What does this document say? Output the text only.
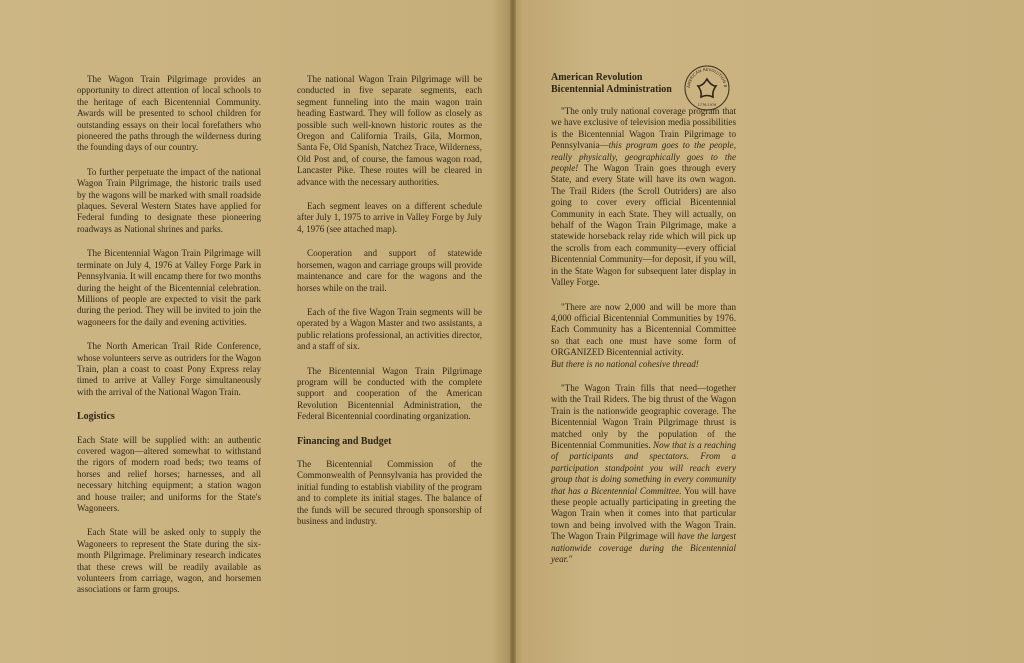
The Wagon Train Pilgrimage provides an opportunity to direct attention of local schools to the heritage of each Bicentennial Community. Awards will be presented to school children for outstanding essays on their local forefathers who pioneered the paths through the wilderness during the founding days of our country.

To further perpetuate the impact of the national Wagon Train Pilgrimage, the historic trails used by the wagons will be marked with small roadside plaques. Several Western States have applied for Federal funding to designate these pioneering roadways as National shrines and parks.

The Bicentennial Wagon Train Pilgrimage will terminate on July 4, 1976 at Valley Forge Park in Pennsylvania. It will encamp there for two months during the height of the Bicentennial celebration. Millions of people are expected to visit the park during the period. They will be invited to join the wagoneers for the daily and evening activities.

The North American Trail Ride Conference, whose volunteers serve as outriders for the Wagon Train, plan a coast to coast Pony Express relay timed to arrive at Valley Forge simultaneously with the arrival of the National Wagon Train.

Logistics

Each State will be supplied with: an authentic covered wagon—altered somewhat to withstand the rigors of modern road beds; two teams of horses and relief horses; harnesses, and all necessary hitching equipment; a station wagon and house trailer; and uniforms for the State's Wagoneers.

Each State will be asked only to supply the Wagoneers to represent the State during the six-month Pilgrimage. Preliminary research indicates that these crews will be readily available as volunteers from carriage, wagon, and horsemen associations or farm groups.

The national Wagon Train Pilgrimage will be conducted in five separate segments, each segment funneling into the main wagon train heading Eastward. They will follow as closely as possible such well-known historic routes as the Oregon and California Trails, Gila, Mormon, Santa Fe, Old Spanish, Natchez Trace, Wilderness, Old Post and, of course, the famous wagon road, Lancaster Pike. These routes will be cleared in advance with the necessary authorities.

Each segment leaves on a different schedule after July 1, 1975 to arrive in Valley Forge by July 4, 1976 (see attached map).

Cooperation and support of statewide horsemen, wagon and carriage groups will provide maintenance and care for the wagons and the horses while on the trail.

Each of the five Wagon Train segments will be operated by a Wagon Master and two assistants, a public relations professional, an activities director, and a staff of six.

The Bicentennial Wagon Train Pilgrimage program will be conducted with the complete support and cooperation of the American Revolution Bicentennial Administration, the Federal Bicentennial coordinating organization.

Financing and Budget

The Bicentennial Commission of the Commonwealth of Pennsylvania has provided the initial funding to establish viability of the program and to complete its initial stages. The balance of the funds will be secured through sponsorship of business and industry.

AMERICAN REVOLUTION B
1776-1976
American Revolution
Bicentennial Administration

"The only truly national coverage program that we have exclusive of television media possibilities is the Bicentennial Wagon Train Pilgrimage to Pennsylvania—this program goes to the people, really physically, geographically goes to the people! The Wagon Train goes through every State, and every State will have its own wagon. The Trail Riders (the Scroll Outriders) are also going to cover every official Bicentennial Community in each State. They will actually, on behalf of the Wagon Train Pilgrimage, make a statewide horseback relay ride which will pick up the scrolls from each community—every official Bicentennial Community—for deposit, if you will, in the State Wagon for subsequent later display in Valley Forge.

"There are now 2,000 and will be more than 4,000 official Bicentennial Communities by 1976. Each Community has a Bicentennial Committee so that each one must have some form of ORGANIZED Bicentennial activity.
But there is no national cohesive thread!

"The Wagon Train fills that need—together with the Trail Riders. The big thrust of the Wagon Train is the nationwide geographic coverage. The Bicentennial Wagon Train Pilgrimage thrust is matched only by the population of the Bicentennial Communities. Now that is a reaching of participants and spectators. From a participation standpoint you will reach every group that is doing something in every community that has a Bicentennial Committee. You will have these people actually participating in greeting the Wagon Train when it comes into that particular town and being involved with the Wagon Train. The Wagon Train Pilgrimage will have the largest nationwide coverage during the Bicentennial year."
